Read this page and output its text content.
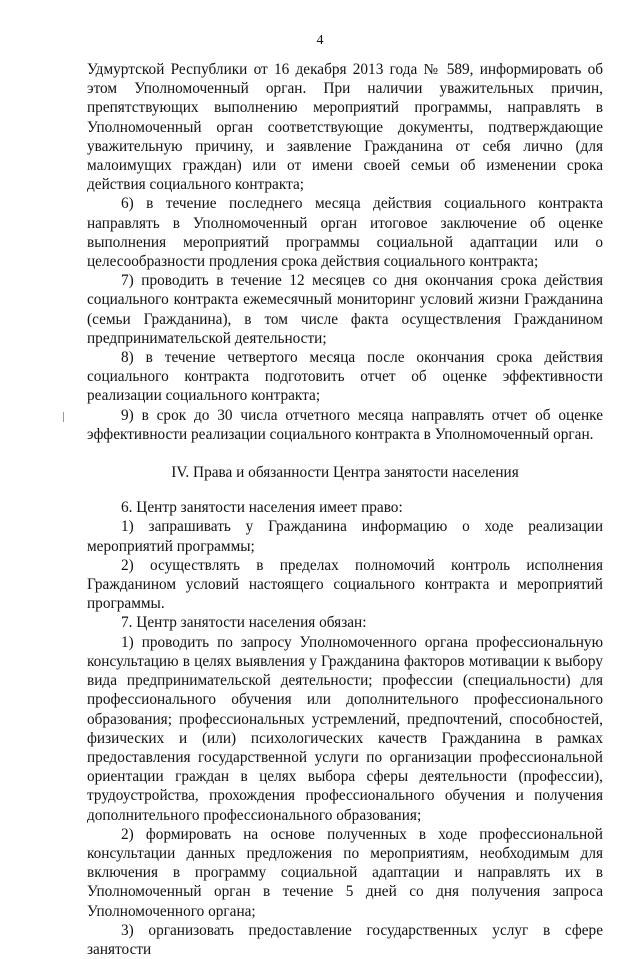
4

Удмуртской Республики от 16 декабря 2013 года № 589, информировать об этом Уполномоченный орган. При наличии уважительных причин, препятствующих выполнению мероприятий программы, направлять в Уполномоченный орган соответствующие документы, подтверждающие уважительную причину, и заявление Гражданина от себя лично (для малоимущих граждан) или от имени своей семьи об изменении срока действия социального контракта;

6) в течение последнего месяца действия социального контракта направлять в Уполномоченный орган итоговое заключение об оценке выполнения мероприятий программы социальной адаптации или о целесообразности продления срока действия социального контракта;

7) проводить в течение 12 месяцев со дня окончания срока действия социального контракта ежемесячный мониторинг условий жизни Гражданина (семьи Гражданина), в том числе факта осуществления Гражданином предпринимательской деятельности;

8) в течение четвертого месяца после окончания срока действия социального контракта подготовить отчет об оценке эффективности реализации социального контракта;

9) в срок до 30 числа отчетного месяца направлять отчет об оценке эффективности реализации социального контракта в Уполномоченный орган.

IV. Права и обязанности Центра занятости населения

6. Центр занятости населения имеет право:

1) запрашивать у Гражданина информацию о ходе реализации мероприятий программы;

2) осуществлять в пределах полномочий контроль исполнения Гражданином условий настоящего социального контракта и мероприятий программы.

7. Центр занятости населения обязан:

1) проводить по запросу Уполномоченного органа профессиональную консультацию в целях выявления у Гражданина факторов мотивации к выбору вида предпринимательской деятельности; профессии (специальности) для профессионального обучения или дополнительного профессионального образования; профессиональных устремлений, предпочтений, способностей, физических и (или) психологических качеств Гражданина в рамках предоставления государственной услуги по организации профессиональной ориентации граждан в целях выбора сферы деятельности (профессии), трудоустройства, прохождения профессионального обучения и получения дополнительного профессионального образования;

2) формировать на основе полученных в ходе профессиональной консультации данных предложения по мероприятиям, необходимым для включения в программу социальной адаптации и направлять их в Уполномоченный орган в течение 5 дней со дня получения запроса Уполномоченного органа;

3) организовать предоставление государственных услуг в сфере занятости
